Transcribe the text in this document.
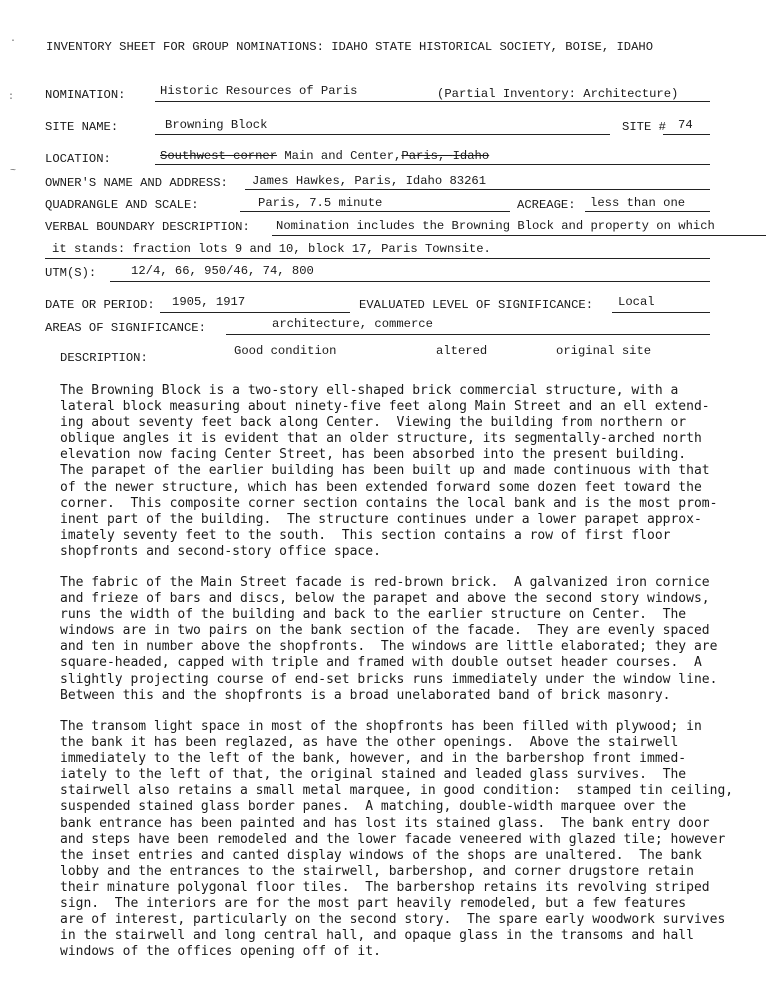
·
:
~
INVENTORY SHEET FOR GROUP NOMINATIONS: IDAHO STATE HISTORICAL SOCIETY, BOISE, IDAHO
NOMINATION:	Historic Resources of Paris	(Partial Inventory: Architecture)
SITE NAME:	Browning Block	SITE # 74
LOCATION:	Southwest corner Main and Center,Paris, Idaho
OWNER'S NAME AND ADDRESS: James Hawkes, Paris, Idaho 83261
QUADRANGLE AND SCALE:	Paris, 7.5 minute	ACREAGE: less than one
VERBAL BOUNDARY DESCRIPTION: Nomination includes the Browning Block and property on which
it stands: fraction lots 9 and 10, block 17, Paris Townsite.
UTM(S):	12/4, 66, 950/46, 74, 800
DATE OR PERIOD: 1905, 1917	EVALUATED LEVEL OF SIGNIFICANCE: Local
AREAS OF SIGNIFICANCE:	architecture, commerce
DESCRIPTION:	Good condition	altered	original site
The Browning Block is a two-story ell-shaped brick commercial structure, with a
lateral block measuring about ninety-five feet along Main Street and an ell extend-
ing about seventy feet back along Center.  Viewing the building from northern or
oblique angles it is evident that an older structure, its segmentally-arched north
elevation now facing Center Street, has been absorbed into the present building.
The parapet of the earlier building has been built up and made continuous with that
of the newer structure, which has been extended forward some dozen feet toward the
corner.  This composite corner section contains the local bank and is the most prom-
inent part of the building.  The structure continues under a lower parapet approx-
imately seventy feet to the south.  This section contains a row of first floor
shopfronts and second-story office space.
The fabric of the Main Street facade is red-brown brick.  A galvanized iron cornice
and frieze of bars and discs, below the parapet and above the second story windows,
runs the width of the building and back to the earlier structure on Center.  The
windows are in two pairs on the bank section of the facade.  They are evenly spaced
and ten in number above the shopfronts.  The windows are little elaborated; they are
square-headed, capped with triple and framed with double outset header courses.  A
slightly projecting course of end-set bricks runs immediately under the window line.
Between this and the shopfronts is a broad unelaborated band of brick masonry.
The transom light space in most of the shopfronts has been filled with plywood; in
the bank it has been reglazed, as have the other openings.  Above the stairwell
immediately to the left of the bank, however, and in the barbershop front immed-
iately to the left of that, the original stained and leaded glass survives.  The
stairwell also retains a small metal marquee, in good condition:  stamped tin ceiling,
suspended stained glass border panes.  A matching, double-width marquee over the
bank entrance has been painted and has lost its stained glass.  The bank entry door
and steps have been remodeled and the lower facade veneered with glazed tile; however
the inset entries and canted display windows of the shops are unaltered.  The bank
lobby and the entrances to the stairwell, barbershop, and corner drugstore retain
their minature polygonal floor tiles.  The barbershop retains its revolving striped
sign.  The interiors are for the most part heavily remodeled, but a few features
are of interest, particularly on the second story.  The spare early woodwork survives
in the stairwell and long central hall, and opaque glass in the transoms and hall
windows of the offices opening off of it.
